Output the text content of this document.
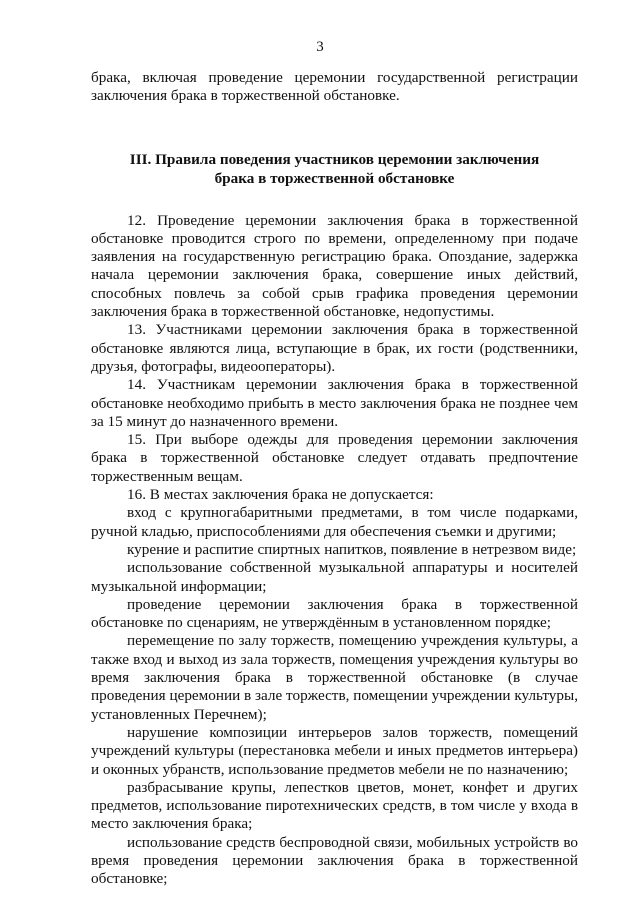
3

брака, включая проведение церемонии государственной регистрации заключения брака в торжественной обстановке.

III. Правила поведения участников церемонии заключения
брака в торжественной обстановке

12. Проведение церемонии заключения брака в торжественной обстановке проводится строго по времени, определенному при подаче заявления на государственную регистрацию брака. Опоздание, задержка начала церемонии заключения брака, совершение иных действий, способных повлечь за собой срыв графика проведения церемонии заключения брака в торжественной обстановке, недопустимы.

13. Участниками церемонии заключения брака в торжественной обстановке являются лица, вступающие в брак, их гости (родственники, друзья, фотографы, видеооператоры).

14. Участникам церемонии заключения брака в торжественной обстановке необходимо прибыть в место заключения брака не позднее чем за 15 минут до назначенного времени.

15. При выборе одежды для проведения церемонии заключения брака в торжественной обстановке следует отдавать предпочтение торжественным вещам.

16. В местах заключения брака не допускается:

вход с крупногабаритными предметами, в том числе подарками, ручной кладью, приспособлениями для обеспечения съемки и другими;

курение и распитие спиртных напитков, появление в нетрезвом виде;

использование собственной музыкальной аппаратуры и носителей музыкальной информации;

проведение церемонии заключения брака в торжественной обстановке по сценариям, не утверждённым в установленном порядке;

перемещение по залу торжеств, помещению учреждения культуры, а также вход и выход из зала торжеств, помещения учреждения культуры во время заключения брака в торжественной обстановке (в случае проведения церемонии в зале торжеств, помещении учреждении культуры, установленных Перечнем);

нарушение композиции интерьеров залов торжеств, помещений учреждений культуры (перестановка мебели и иных предметов интерьера) и оконных убранств, использование предметов мебели не по назначению;

разбрасывание крупы, лепестков цветов, монет, конфет и других предметов, использование пиротехнических средств, в том числе у входа в место заключения брака;

использование средств беспроводной связи, мобильных устройств во время проведения церемонии заключения брака в торжественной обстановке;
